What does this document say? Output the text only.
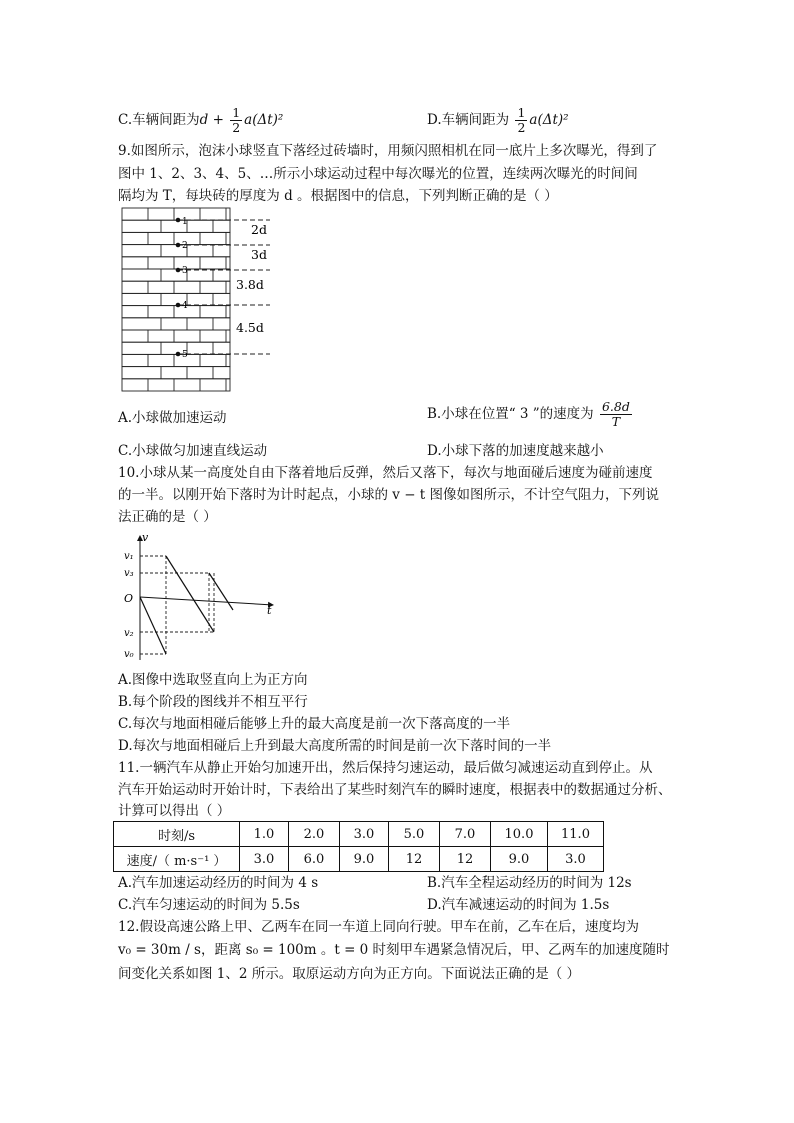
C.车辆间距为$d + \frac{1}{2} a(\Delta t)^2$	D.车辆间距为 $\frac{1}{2} a(\Delta t)^2$
9.如图所示，泡沫小球竖直下落经过砖墙时，用频闪照相机在同一底片上多次曝光，得到了
图中 1、2、3、4、5、…所示小球运动过程中每次曝光的位置，连续两次曝光的时间间
隔均为 T，每块砖的厚度为 d 。根据图中的信息，下列判断正确的是（ ）
1
2
3
4
5
2d
3d
3.8d
4.5d
A.小球做加速运动	B.小球在位置“ 3 ”的速度为 $\frac{6.8d}{T}$
C.小球做匀加速直线运动	D.小球下落的加速度越来越小
10.小球从某一高度处自由下落着地后反弹，然后又落下，每次与地面碰后速度为碰前速度
的一半。以刚开始下落时为计时起点，小球的 v − t 图像如图所示，不计空气阻力，下列说
法正确的是（ ）
v
t
O
v₁
v₃
v₂
v₀
A.图像中选取竖直向上为正方向
B.每个阶段的图线并不相互平行
C.每次与地面相碰后能够上升的最大高度是前一次下落高度的一半
D.每次与地面相碰后上升到最大高度所需的时间是前一次下落时间的一半
11.一辆汽车从静止开始匀加速开出，然后保持匀速运动，最后做匀减速运动直到停止。从
汽车开始运动时开始计时，下表给出了某些时刻汽车的瞬时速度，根据表中的数据通过分析、
计算可以得出（ ）
时刻/s	1.0	2.0	3.0	5.0	7.0	10.0	11.0
速度/（ m·s⁻¹ ）	3.0	6.0	9.0	12	12	9.0	3.0
A.汽车加速运动经历的时间为 4 s	B.汽车全程运动经历的时间为 12s
C.汽车匀速运动的时间为 5.5s	D.汽车减速运动的时间为 1.5s
12.假设高速公路上甲、乙两车在同一车道上同向行驶。甲车在前，乙车在后，速度均为
v₀ = 30m / s，距离 s₀ = 100m 。t = 0 时刻甲车遇紧急情况后，甲、乙两车的加速度随时
间变化关系如图 1、2 所示。取原运动方向为正方向。下面说法正确的是（ ）
